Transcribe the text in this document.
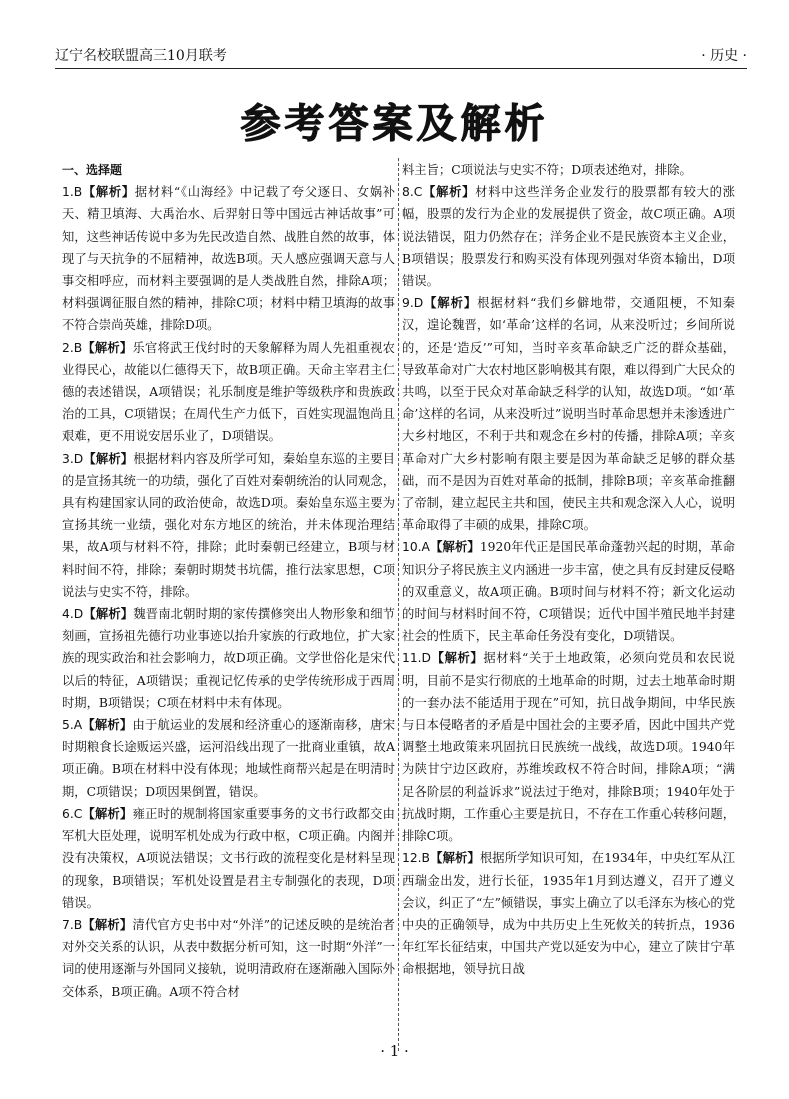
辽宁名校联盟高三10月联考	· 历史 ·
参考答案及解析
一、选择题

1.B【解析】据材料“《山海经》中记载了夸父逐日、女娲补天、精卫填海、大禹治水、后羿射日等中国远古神话故事”可知，这些神话传说中多为先民改造自然、战胜自然的故事，体现了与天抗争的不屈精神，故选B项。天人感应强调天意与人事交相呼应，而材料主要强调的是人类战胜自然，排除A项；材料强调征服自然的精神，排除C项；材料中精卫填海的故事不符合崇尚英雄，排除D项。

2.B【解析】乐官将武王伐纣时的天象解释为周人先祖重视农业得民心，故能以仁德得天下，故B项正确。天命主宰君主仁德的表述错误，A项错误；礼乐制度是维护等级秩序和贵族政治的工具，C项错误；在周代生产力低下，百姓实现温饱尚且艰难，更不用说安居乐业了，D项错误。

3.D【解析】根据材料内容及所学可知，秦始皇东巡的主要目的是宣扬其统一的功绩，强化了百姓对秦朝统治的认同观念，具有构建国家认同的政治使命，故选D项。秦始皇东巡主要为宣扬其统一业绩，强化对东方地区的统治，并未体现治理结果，故A项与材料不符，排除；此时秦朝已经建立，B项与材料时间不符，排除；秦朝时期焚书坑儒，推行法家思想，C项说法与史实不符，排除。

4.D【解析】魏晋南北朝时期的家传撰修突出人物形象和细节刻画，宣扬祖先德行功业事迹以抬升家族的行政地位，扩大家族的现实政治和社会影响力，故D项正确。文学世俗化是宋代以后的特征，A项错误；重视记忆传承的史学传统形成于西周时期，B项错误；C项在材料中未有体现。

5.A【解析】由于航运业的发展和经济重心的逐渐南移，唐宋时期粮食长途贩运兴盛，运河沿线出现了一批商业重镇，故A项正确。B项在材料中没有体现；地域性商帮兴起是在明清时期，C项错误；D项因果倒置，错误。

6.C【解析】雍正时的规制将国家重要事务的文书行政都交由军机大臣处理，说明军机处成为行政中枢，C项正确。内阁并没有决策权，A项说法错误；文书行政的流程变化是材料呈现的现象，B项错误；军机处设置是君主专制强化的表现，D项错误。

7.B【解析】清代官方史书中对“外洋”的记述反映的是统治者对外交关系的认识，从表中数据分析可知，这一时期“外洋”一词的使用逐渐与外国同义接轨，说明清政府在逐渐融入国际外交体系，B项正确。A项不符合材

料主旨；C项说法与史实不符；D项表述绝对，排除。

8.C【解析】材料中这些洋务企业发行的股票都有较大的涨幅，股票的发行为企业的发展提供了资金，故C项正确。A项说法错误，阻力仍然存在；洋务企业不是民族资本主义企业，B项错误；股票发行和购买没有体现列强对华资本输出，D项错误。

9.D【解析】根据材料“我们乡僻地带，交通阻梗，不知秦汉，遑论魏晋，如‘革命’这样的名词，从来没听过；乡间所说的，还是‘造反’”可知，当时辛亥革命缺乏广泛的群众基础，导致革命对广大农村地区影响极其有限，难以得到广大民众的共鸣，以至于民众对革命缺乏科学的认知，故选D项。“如‘革命’这样的名词，从来没听过”说明当时革命思想并未渗透进广大乡村地区，不利于共和观念在乡村的传播，排除A项；辛亥革命对广大乡村影响有限主要是因为革命缺乏足够的群众基础，而不是因为百姓对革命的抵制，排除B项；辛亥革命推翻了帝制，建立起民主共和国，使民主共和观念深入人心，说明革命取得了丰硕的成果，排除C项。

10.A【解析】1920年代正是国民革命蓬勃兴起的时期，革命知识分子将民族主义内涵进一步丰富，使之具有反封建反侵略的双重意义，故A项正确。B项时间与材料不符；新文化运动的时间与材料时间不符，C项错误；近代中国半殖民地半封建社会的性质下，民主革命任务没有变化，D项错误。

11.D【解析】据材料“关于土地政策，必须向党员和农民说明，目前不是实行彻底的土地革命的时期，过去土地革命时期的一套办法不能适用于现在”可知，抗日战争期间，中华民族与日本侵略者的矛盾是中国社会的主要矛盾，因此中国共产党调整土地政策来巩固抗日民族统一战线，故选D项。1940年为陕甘宁边区政府，苏维埃政权不符合时间，排除A项；“满足各阶层的利益诉求”说法过于绝对，排除B项；1940年处于抗战时期，工作重心主要是抗日，不存在工作重心转移问题，排除C项。

12.B【解析】根据所学知识可知，在1934年，中央红军从江西瑞金出发，进行长征，1935年1月到达遵义，召开了遵义会议，纠正了“左”倾错误，事实上确立了以毛泽东为核心的党中央的正确领导，成为中共历史上生死攸关的转折点，1936年红军长征结束，中国共产党以延安为中心，建立了陕甘宁革命根据地，领导抗日战

· 1 ·
